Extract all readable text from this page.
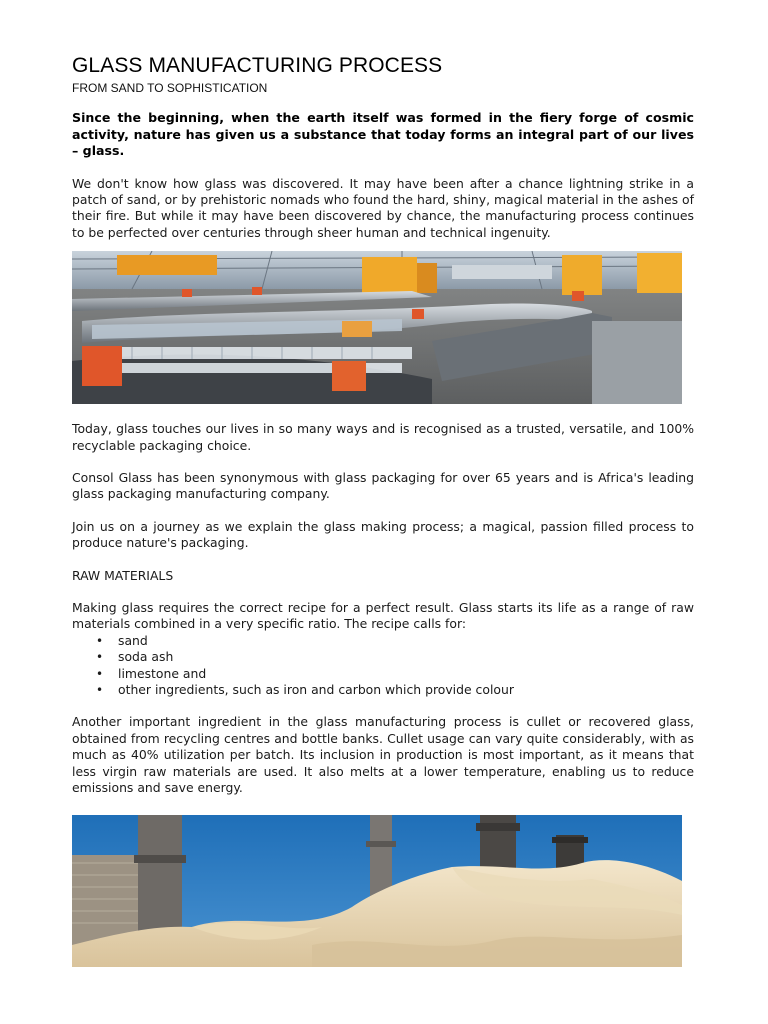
GLASS MANUFACTURING PROCESS
FROM SAND TO SOPHISTICATION

Since the beginning, when the earth itself was formed in the fiery forge of cosmic activity, nature has given us a substance that today forms an integral part of our lives – glass.

We don't know how glass was discovered. It may have been after a chance lightning strike in a patch of sand, or by prehistoric nomads who found the hard, shiny, magical material in the ashes of their fire. But while it may have been discovered by chance, the manufacturing process continues to be perfected over centuries through sheer human and technical ingenuity.

Today, glass touches our lives in so many ways and is recognised as a trusted, versatile, and 100% recyclable packaging choice.

Consol Glass has been synonymous with glass packaging for over 65 years and is Africa's leading glass packaging manufacturing company.

Join us on a journey as we explain the glass making process; a magical, passion filled process to produce nature's packaging.

RAW MATERIALS

Making glass requires the correct recipe for a perfect result. Glass starts its life as a range of raw materials combined in a very specific ratio. The recipe calls for:

• sand
• soda ash
• limestone and
• other ingredients, such as iron and carbon which provide colour

Another important ingredient in the glass manufacturing process is cullet or recovered glass, obtained from recycling centres and bottle banks. Cullet usage can vary quite considerably, with as much as 40% utilization per batch. Its inclusion in production is most important, as it means that less virgin raw materials are used. It also melts at a lower temperature, enabling us to reduce emissions and save energy.
